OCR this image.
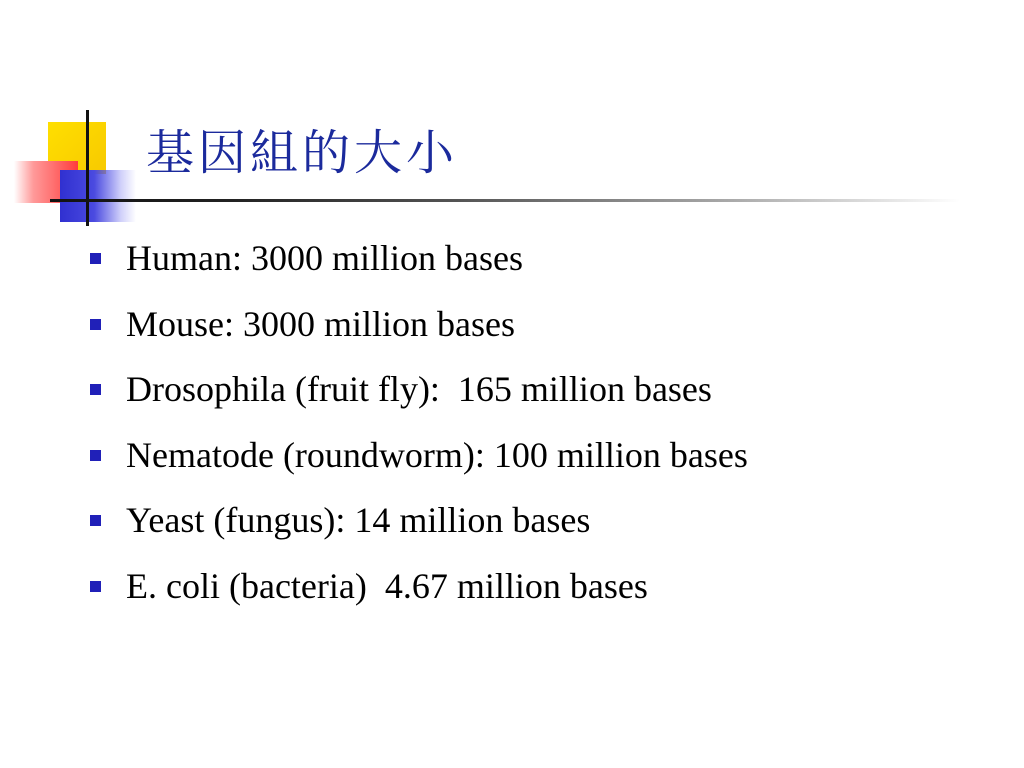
基因組的大小
Human: 3000 million bases
Mouse: 3000 million bases
Drosophila (fruit fly):  165 million bases
Nematode (roundworm): 100 million bases
Yeast (fungus): 14 million bases
E. coli (bacteria)  4.67 million bases
